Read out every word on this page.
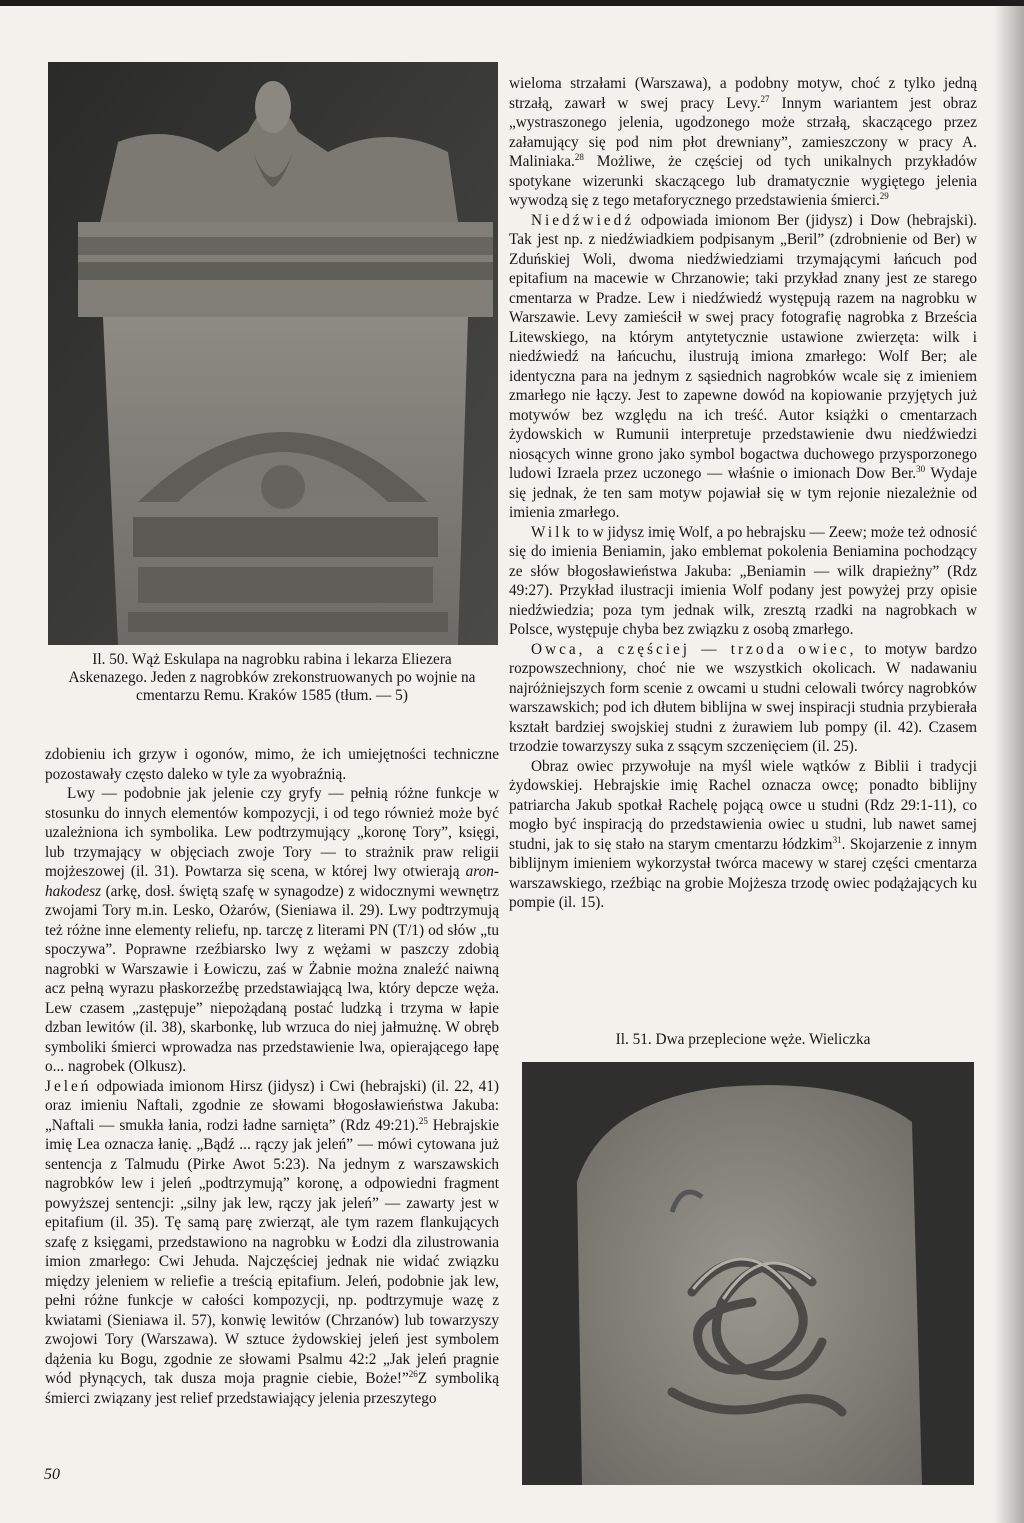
Il. 50. Wąż Eskulapa na nagrobku rabina i lekarza Eliezera
Askenazego. Jeden z nagrobków zrekonstruowanych po wojnie na
cmentarzu Remu. Kraków 1585 (tłum. — 5)

zdobieniu ich grzyw i ogonów, mimo, że ich umiejętności techniczne pozostawały często daleko w tyle za wyobraźnią.

Lwy — podobnie jak jelenie czy gryfy — pełnią różne funkcje w stosunku do innych elementów kompozycji, i od tego również może być uzależniona ich symbolika. Lew podtrzymujący „koronę Tory”, księgi, lub trzymający w objęciach zwoje Tory — to strażnik praw religii mojżeszowej (il. 31). Powtarza się scena, w której lwy otwierają aron-hakodesz (arkę, dosł. świętą szafę w synagodze) z widocznymi wewnętrz zwojami Tory m.in. Lesko, Ożarów, (Sieniawa il. 29). Lwy podtrzymują też różne inne elementy reliefu, np. tarczę z literami PN (T/1) od słów „tu spoczywa”. Poprawne rzeźbiarsko lwy z wężami w paszczy zdobią nagrobki w Warszawie i Łowiczu, zaś w Żabnie można znaleźć naiwną acz pełną wyrazu płaskorzeźbę przedstawiającą lwa, który depcze węża. Lew czasem „zastępuje” niepożądaną postać ludzką i trzyma w łapie dzban lewitów (il. 38), skarbonkę, lub wrzuca do niej jałmużnę. W obręb symboliki śmierci wprowadza nas przedstawienie lwa, opierającego łapę o... nagrobek (Olkusz).

Jeleń odpowiada imionom Hirsz (jidysz) i Cwi (hebrajski) (il. 22, 41) oraz imieniu Naftali, zgodnie ze słowami błogosławieństwa Jakuba: „Naftali — smukła łania, rodzi ładne sarnięta” (Rdz 49:21).$^{25}$ Hebrajskie imię Lea oznacza łanię. „Bądź ... rączy jak jeleń” — mówi cytowana już sentencja z Talmudu (Pirke Awot 5:23). Na jednym z warszawskich nagrobków lew i jeleń „podtrzymują” koronę, a odpowiedni fragment powyższej sentencji: „silny jak lew, rączy jak jeleń” — zawarty jest w epitafium (il. 35). Tę samą parę zwierząt, ale tym razem flankujących szafę z księgami, przedstawiono na nagrobku w Łodzi dla zilustrowania imion zmarłego: Cwi Jehuda. Najczęściej jednak nie widać związku między jeleniem w reliefie a treścią epitafium. Jeleń, podobnie jak lew, pełni różne funkcje w całości kompozycji, np. podtrzymuje wazę z kwiatami (Sieniawa il. 57), konwię lewitów (Chrzanów) lub towarzyszy zwojowi Tory (Warszawa). W sztuce żydowskiej jeleń jest symbolem dążenia ku Bogu, zgodnie ze słowami Psalmu 42:2 „Jak jeleń pragnie wód płynących, tak dusza moja pragnie ciebie, Boże!”$^{26}$Z symboliką śmierci związany jest relief przedstawiający jelenia przeszytego

wieloma strzałami (Warszawa), a podobny motyw, choć z tylko jedną strzałą, zawarł w swej pracy Levy.$^{27}$ Innym wariantem jest obraz „wystraszonego jelenia, ugodzonego może strzałą, skaczącego przez załamujący się pod nim płot drewniany”, zamieszczony w pracy A. Maliniaka.$^{28}$ Możliwe, że częściej od tych unikalnych przykładów spotykane wizerunki skaczącego lub dramatycznie wygiętego jelenia wywodzą się z tego metaforycznego przedstawienia śmierci.$^{29}$

Niedźwiedź odpowiada imionom Ber (jidysz) i Dow (hebrajski). Tak jest np. z niedźwiadkiem podpisanym „Beril” (zdrobnienie od Ber) w Zduńskiej Woli, dwoma niedźwiedziami trzymającymi łańcuch pod epitafium na macewie w Chrzanowie; taki przykład znany jest ze starego cmentarza w Pradze. Lew i niedźwiedź występują razem na nagrobku w Warszawie. Levy zamieścił w swej pracy fotografię nagrobka z Brześcia Litewskiego, na którym antytetycznie ustawione zwierzęta: wilk i niedźwiedź na łańcuchu, ilustrują imiona zmarłego: Wolf Ber; ale identyczna para na jednym z sąsiednich nagrobków wcale się z imieniem zmarłego nie łączy. Jest to zapewne dowód na kopiowanie przyjętych już motywów bez względu na ich treść. Autor książki o cmentarzach żydowskich w Rumunii interpretuje przedstawienie dwu niedźwiedzi niosących winne grono jako symbol bogactwa duchowego przysporzonego ludowi Izraela przez uczonego — właśnie o imionach Dow Ber.$^{30}$ Wydaje się jednak, że ten sam motyw pojawiał się w tym rejonie niezależnie od imienia zmarłego.

Wilk to w jidysz imię Wolf, a po hebrajsku — Zeew; może też odnosić się do imienia Beniamin, jako emblemat pokolenia Beniamina pochodzący ze słów błogosławieństwa Jakuba: „Beniamin — wilk drapieżny” (Rdz 49:27). Przykład ilustracji imienia Wolf podany jest powyżej przy opisie niedźwiedzia; poza tym jednak wilk, zresztą rzadki na nagrobkach w Polsce, występuje chyba bez związku z osobą zmarłego.

Owca, a częściej — trzoda owiec, to motyw bardzo rozpowszechniony, choć nie we wszystkich okolicach. W nadawaniu najróżniejszych form scenie z owcami u studni celowali twórcy nagrobków warszawskich; pod ich dłutem biblijna w swej inspiracji studnia przybierała kształt bardziej swojskiej studni z żurawiem lub pompy (il. 42). Czasem trzodzie towarzyszy suka z ssącym szczenięciem (il. 25).

Obraz owiec przywołuje na myśl wiele wątków z Biblii i tradycji żydowskiej. Hebrajskie imię Rachel oznacza owcę; ponadto biblijny patriarcha Jakub spotkał Rachelę pojącą owce u studni (Rdz 29:1-11), co mogło być inspiracją do przedstawienia owiec u studni, lub nawet samej studni, jak to się stało na starym cmentarzu łódzkim$^{31}$. Skojarzenie z innym biblijnym imieniem wykorzystał twórca macewy w starej części cmentarza warszawskiego, rzeźbiąc na grobie Mojżesza trzodę owiec podążających ku pompie (il. 15).

Il. 51. Dwa przeplecione węże. Wieliczka
50
